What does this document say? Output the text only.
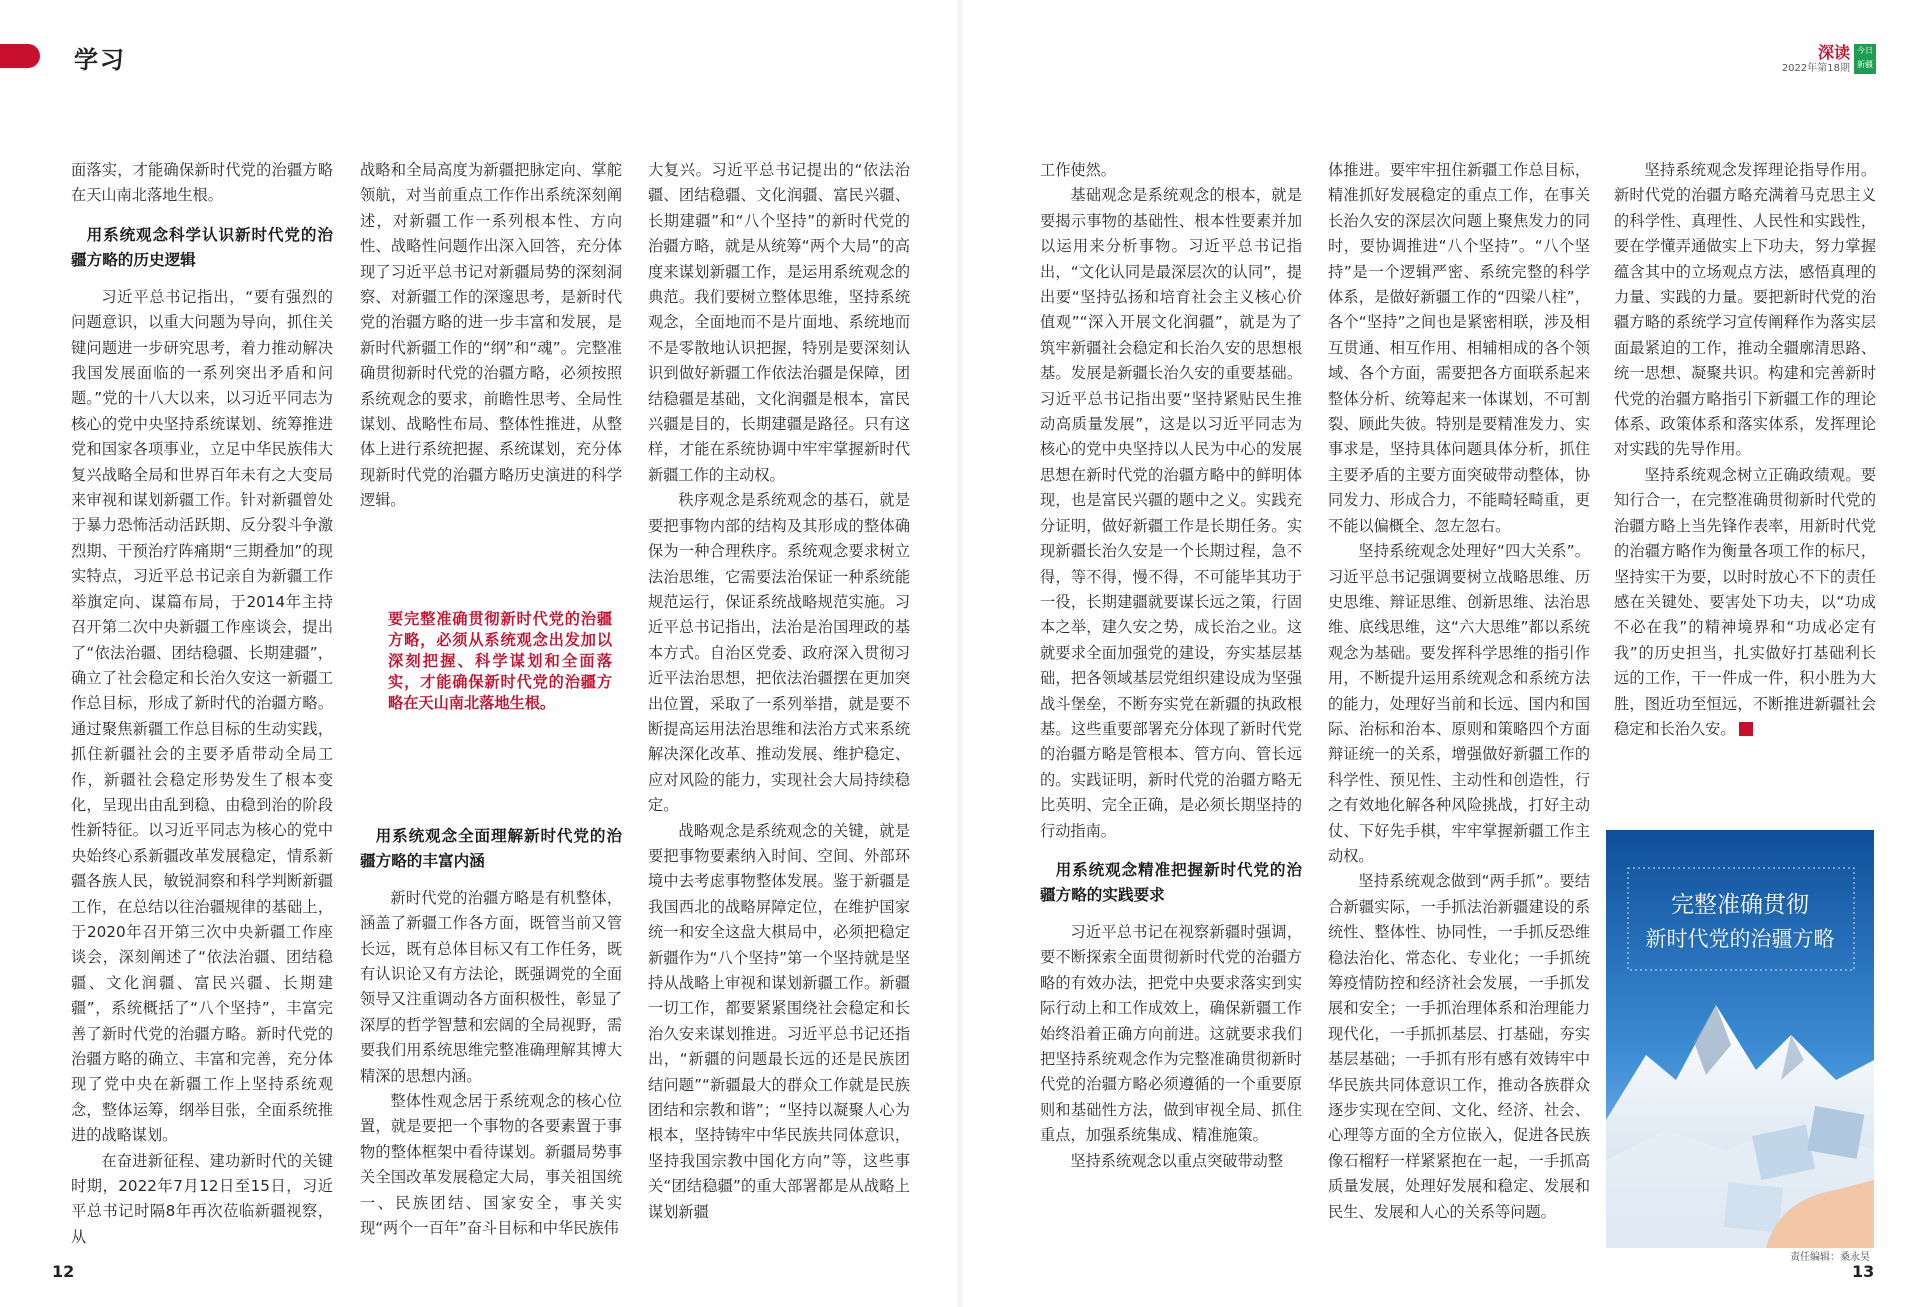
学习
12
深读
2022年第18期
今日新疆
13

面落实，才能确保新时代党的治疆方略在天山南北落地生根。

用系统观念科学认识新时代党的治疆方略的历史逻辑

习近平总书记指出，“要有强烈的问题意识，以重大问题为导向，抓住关键问题进一步研究思考，着力推动解决我国发展面临的一系列突出矛盾和问题。”党的十八大以来，以习近平同志为核心的党中央坚持系统谋划、统筹推进党和国家各项事业，立足中华民族伟大复兴战略全局和世界百年未有之大变局来审视和谋划新疆工作。针对新疆曾处于暴力恐怖活动活跃期、反分裂斗争激烈期、干预治疗阵痛期“三期叠加”的现实特点，习近平总书记亲自为新疆工作举旗定向、谋篇布局，于2014年主持召开第二次中央新疆工作座谈会，提出了“依法治疆、团结稳疆、长期建疆”，确立了社会稳定和长治久安这一新疆工作总目标，形成了新时代的治疆方略。通过聚焦新疆工作总目标的生动实践，抓住新疆社会的主要矛盾带动全局工作，新疆社会稳定形势发生了根本变化，呈现出由乱到稳、由稳到治的阶段性新特征。以习近平同志为核心的党中央始终心系新疆改革发展稳定，情系新疆各族人民，敏锐洞察和科学判断新疆工作，在总结以往治疆规律的基础上，于2020年召开第三次中央新疆工作座谈会，深刻阐述了“依法治疆、团结稳疆、文化润疆、富民兴疆、长期建疆”，系统概括了“八个坚持”，丰富完善了新时代党的治疆方略。新时代党的治疆方略的确立、丰富和完善，充分体现了党中央在新疆工作上坚持系统观念，整体运筹，纲举目张，全面系统推进的战略谋划。

在奋进新征程、建功新时代的关键时期，2022年7月12日至15日，习近平总书记时隔8年再次莅临新疆视察，从

战略和全局高度为新疆把脉定向、掌舵领航，对当前重点工作作出系统深刻阐述，对新疆工作一系列根本性、方向性、战略性问题作出深入回答，充分体现了习近平总书记对新疆局势的深刻洞察、对新疆工作的深邃思考，是新时代党的治疆方略的进一步丰富和发展，是新时代新疆工作的“纲”和“魂”。完整准确贯彻新时代党的治疆方略，必须按照系统观念的要求，前瞻性思考、全局性谋划、战略性布局、整体性推进，从整体上进行系统把握、系统谋划，充分体现新时代党的治疆方略历史演进的科学逻辑。

要完整准确贯彻新时代党的治疆方略，必须从系统观念出发加以深刻把握、科学谋划和全面落实，才能确保新时代党的治疆方略在天山南北落地生根。
用系统观念全面理解新时代党的治疆方略的丰富内涵

新时代党的治疆方略是有机整体，涵盖了新疆工作各方面，既管当前又管长远，既有总体目标又有工作任务，既有认识论又有方法论，既强调党的全面领导又注重调动各方面积极性，彰显了深厚的哲学智慧和宏阔的全局视野，需要我们用系统思维完整准确理解其博大精深的思想内涵。

整体性观念居于系统观念的核心位置，就是要把一个事物的各要素置于事物的整体框架中看待谋划。新疆局势事关全国改革发展稳定大局，事关祖国统一、民族团结、国家安全，事关实现“两个一百年”奋斗目标和中华民族伟

大复兴。习近平总书记提出的“依法治疆、团结稳疆、文化润疆、富民兴疆、长期建疆”和“八个坚持”的新时代党的治疆方略，就是从统筹“两个大局”的高度来谋划新疆工作，是运用系统观念的典范。我们要树立整体思维，坚持系统观念，全面地而不是片面地、系统地而不是零散地认识把握，特别是要深刻认识到做好新疆工作依法治疆是保障，团结稳疆是基础，文化润疆是根本，富民兴疆是目的，长期建疆是路径。只有这样，才能在系统协调中牢牢掌握新时代新疆工作的主动权。

秩序观念是系统观念的基石，就是要把事物内部的结构及其形成的整体确保为一种合理秩序。系统观念要求树立法治思维，它需要法治保证一种系统能规范运行，保证系统战略规范实施。习近平总书记指出，法治是治国理政的基本方式。自治区党委、政府深入贯彻习近平法治思想，把依法治疆摆在更加突出位置，采取了一系列举措，就是要不断提高运用法治思维和法治方式来系统解决深化改革、推动发展、维护稳定、应对风险的能力，实现社会大局持续稳定。

战略观念是系统观念的关键，就是要把事物要素纳入时间、空间、外部环境中去考虑事物整体发展。鉴于新疆是我国西北的战略屏障定位，在维护国家统一和安全这盘大棋局中，必须把稳定新疆作为“八个坚持”第一个坚持就是坚持从战略上审视和谋划新疆工作。新疆一切工作，都要紧紧围绕社会稳定和长治久安来谋划推进。习近平总书记还指出，“新疆的问题最长远的还是民族团结问题”“新疆最大的群众工作就是民族团结和宗教和谐”；“坚持以凝聚人心为根本，坚持铸牢中华民族共同体意识，坚持我国宗教中国化方向”等，这些事关“团结稳疆”的重大部署都是从战略上谋划新疆

工作使然。

基础观念是系统观念的根本，就是要揭示事物的基础性、根本性要素并加以运用来分析事物。习近平总书记指出，“文化认同是最深层次的认同”，提出要“坚持弘扬和培育社会主义核心价值观”“深入开展文化润疆”，就是为了筑牢新疆社会稳定和长治久安的思想根基。发展是新疆长治久安的重要基础。习近平总书记指出要“坚持紧贴民生推动高质量发展”，这是以习近平同志为核心的党中央坚持以人民为中心的发展思想在新时代党的治疆方略中的鲜明体现，也是富民兴疆的题中之义。实践充分证明，做好新疆工作是长期任务。实现新疆长治久安是一个长期过程，急不得，等不得，慢不得，不可能毕其功于一役，长期建疆就要谋长远之策，行固本之举，建久安之势，成长治之业。这就要求全面加强党的建设，夯实基层基础，把各领域基层党组织建设成为坚强战斗堡垒，不断夯实党在新疆的执政根基。这些重要部署充分体现了新时代党的治疆方略是管根本、管方向、管长远的。实践证明，新时代党的治疆方略无比英明、完全正确，是必须长期坚持的行动指南。

用系统观念精准把握新时代党的治疆方略的实践要求

习近平总书记在视察新疆时强调，要不断探索全面贯彻新时代党的治疆方略的有效办法，把党中央要求落实到实际行动上和工作成效上，确保新疆工作始终沿着正确方向前进。这就要求我们把坚持系统观念作为完整准确贯彻新时代党的治疆方略必须遵循的一个重要原则和基础性方法，做到审视全局、抓住重点，加强系统集成、精准施策。

坚持系统观念以重点突破带动整

体推进。要牢牢扭住新疆工作总目标，精准抓好发展稳定的重点工作，在事关长治久安的深层次问题上聚焦发力的同时，要协调推进“八个坚持”。“八个坚持”是一个逻辑严密、系统完整的科学体系，是做好新疆工作的“四梁八柱”，各个“坚持”之间也是紧密相联，涉及相互贯通、相互作用、相辅相成的各个领域、各个方面，需要把各方面联系起来整体分析、统筹起来一体谋划，不可割裂、顾此失彼。特别是要精准发力、实事求是，坚持具体问题具体分析，抓住主要矛盾的主要方面突破带动整体，协同发力、形成合力，不能畸轻畸重，更不能以偏概全、忽左忽右。

坚持系统观念处理好“四大关系”。习近平总书记强调要树立战略思维、历史思维、辩证思维、创新思维、法治思维、底线思维，这“六大思维”都以系统观念为基础。要发挥科学思维的指引作用，不断提升运用系统观念和系统方法的能力，处理好当前和长远、国内和国际、治标和治本、原则和策略四个方面辩证统一的关系，增强做好新疆工作的科学性、预见性、主动性和创造性，行之有效地化解各种风险挑战，打好主动仗、下好先手棋，牢牢掌握新疆工作主动权。

坚持系统观念做到“两手抓”。要结合新疆实际，一手抓法治新疆建设的系统性、整体性、协同性，一手抓反恐维稳法治化、常态化、专业化；一手抓统筹疫情防控和经济社会发展，一手抓发展和安全；一手抓治理体系和治理能力现代化，一手抓抓基层、打基础，夯实基层基础；一手抓有形有感有效铸牢中华民族共同体意识工作，推动各族群众逐步实现在空间、文化、经济、社会、心理等方面的全方位嵌入，促进各民族像石榴籽一样紧紧抱在一起，一手抓高质量发展，处理好发展和稳定、发展和民生、发展和人心的关系等问题。

坚持系统观念发挥理论指导作用。新时代党的治疆方略充满着马克思主义的科学性、真理性、人民性和实践性，要在学懂弄通做实上下功夫，努力掌握蕴含其中的立场观点方法，感悟真理的力量、实践的力量。要把新时代党的治疆方略的系统学习宣传阐释作为落实层面最紧迫的工作，推动全疆廓清思路、统一思想、凝聚共识。构建和完善新时代党的治疆方略指引下新疆工作的理论体系、政策体系和落实体系，发挥理论对实践的先导作用。

坚持系统观念树立正确政绩观。要知行合一，在完整准确贯彻新时代党的治疆方略上当先锋作表率，用新时代党的治疆方略作为衡量各项工作的标尺，坚持实干为要，以时时放心不下的责任感在关键处、要害处下功夫，以“功成不必在我”的精神境界和“功成必定有我”的历史担当，扎实做好打基础利长远的工作，干一件成一件，积小胜为大胜，图近功至恒远，不断推进新疆社会稳定和长治久安。	⌟

完整准确贯彻
新时代党的治疆方略
责任编辑：桑永昊
